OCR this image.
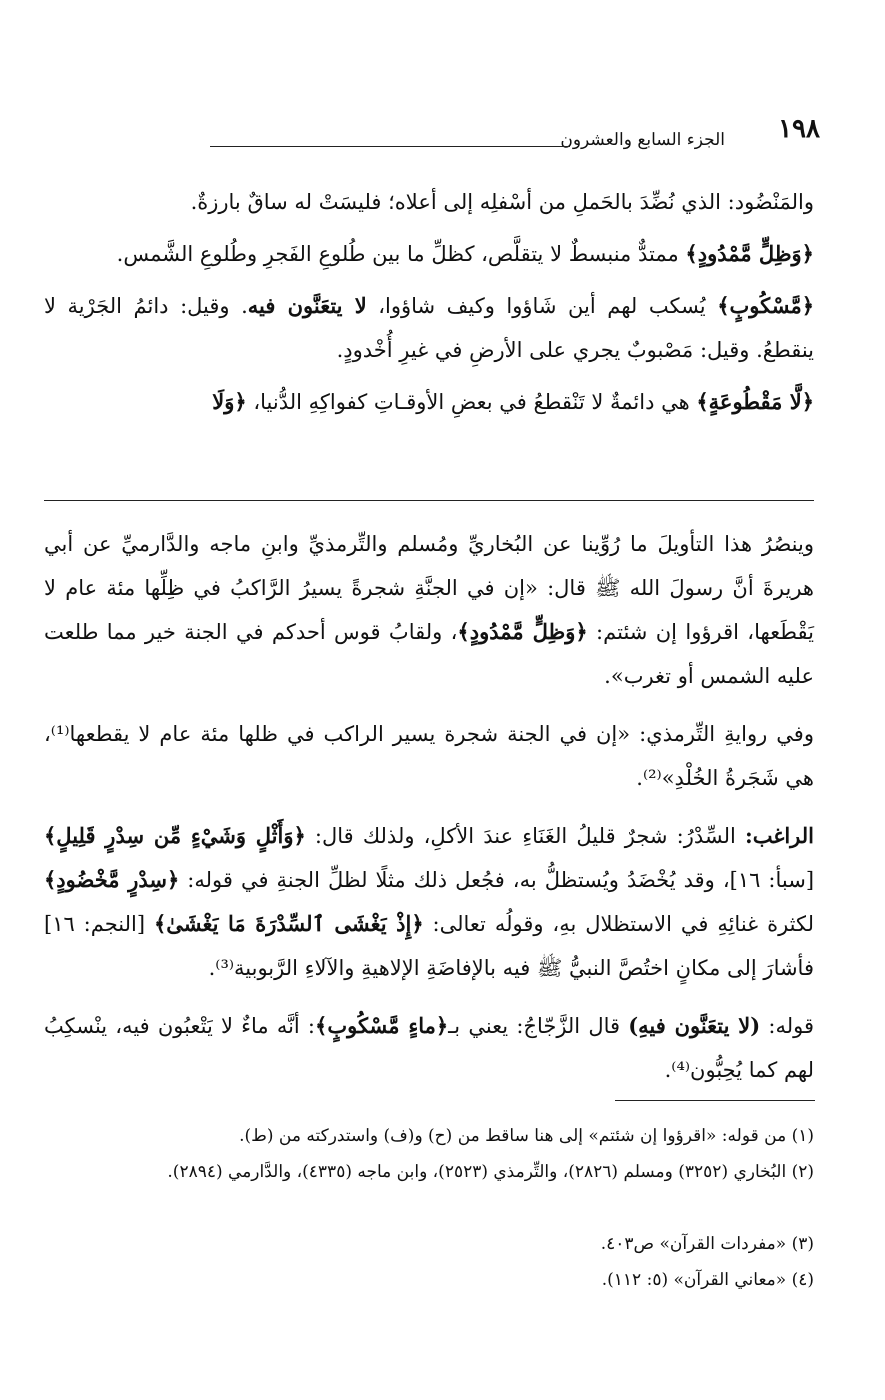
١٩٨
الجزء السابع والعشرون

والمَنْضُود: الذي نُضِّدَ بالحَملِ من أسْفلِه إلى أعلاه؛ فليسَتْ له ساقٌ بارزةٌ.

﴿وَظِلٍّ مَّمْدُودٍ﴾ ممتدٌّ منبسطٌ لا يتقلَّص، كظلِّ ما بين طُلوعِ الفَجرِ وطُلوعِ الشَّمس.

﴿مَّسْكُوبٍ﴾ يُسكب لهم أين شَاؤوا وكيف شاؤوا، لا يتعَنَّون فيه. وقيل: دائمُ الجَرْية لا ينقطعُ. وقيل: مَصْبوبٌ يجري على الأرضِ في غيرِ أُخْدودٍ.

﴿لَّا مَقْطُوعَةٍ﴾ هي دائمةٌ لا تَنْقطعُ في بعضِ الأوقـاتِ كفواكِهِ الدُّنيا، ﴿وَلَا

وينصُرُ هذا التأويلَ ما رُوِّينا عن البُخاريِّ ومُسلم والتِّرمذيِّ وابنِ ماجه والدَّارميِّ عن أبي هريرةَ أنَّ رسولَ الله ﷺ قال: «إن في الجنَّةِ شجرةً يسيرُ الرَّاكبُ في ظِلِّها مئة عام لا يَقْطَعها، اقرؤوا إن شئتم: ﴿وَظِلٍّ مَّمْدُودٍ﴾، ولقابُ قوس أحدكم في الجنة خير مما طلعت عليه الشمس أو تغرب».

وفي روايةِ التِّرمذي: «إن في الجنة شجرة يسير الراكب في ظلها مئة عام لا يقطعها⁽¹⁾، هي شَجَرةُ الخُلْدِ»⁽²⁾.

الراغب: السِّدْرُ: شجرٌ قليلُ الغَنَاءِ عندَ الأكلِ، ولذلك قال: ﴿وَأَثْلٍ وَشَيْءٍ مِّن سِدْرٍ قَلِيلٍ﴾ [سبأ: ١٦]، وقد يُخْضَدُ ويُستظلُّ به، فجُعل ذلك مثلًا لظلِّ الجنةِ في قوله: ﴿سِدْرٍ مَّخْضُودٍ﴾ لكثرة غنائِهِ في الاستظلال بهِ، وقولُه تعالى: ﴿إِذْ يَغْشَى ٱلسِّدْرَةَ مَا يَغْشَىٰ﴾ [النجم: ١٦] فأشارَ إلى مكانٍ اختُصَّ النبيُّ ﷺ فيه بالإفاضَةِ الإلاهيةِ والآلاءِ الرَّبوبية⁽³⁾.

قوله: (لا يتعَنَّون فيهِ) قال الزَّجّاجُ: يعني بـ﴿ماءٍ مَّسْكُوبٍ﴾: أنَّه ماءٌ لا يَتْعبُون فيه، ينْسكِبُ لهم كما يُحِبُّون⁽⁴⁾.

(١) من قوله: «اقرؤوا إن شئتم» إلى هنا ساقط من (ح) و(ف) واستدركته من (ط).

(٢) البُخاري (٣٢٥٢) ومسلم (٢٨٢٦)، والتِّرمذي (٢٥٢٣)، وابن ماجه (٤٣٣٥)، والدَّارمي (٢٨٩٤).

(٣) «مفردات القرآن» ص٤٠٣.

(٤) «معاني القرآن» (٥: ١١٢).
